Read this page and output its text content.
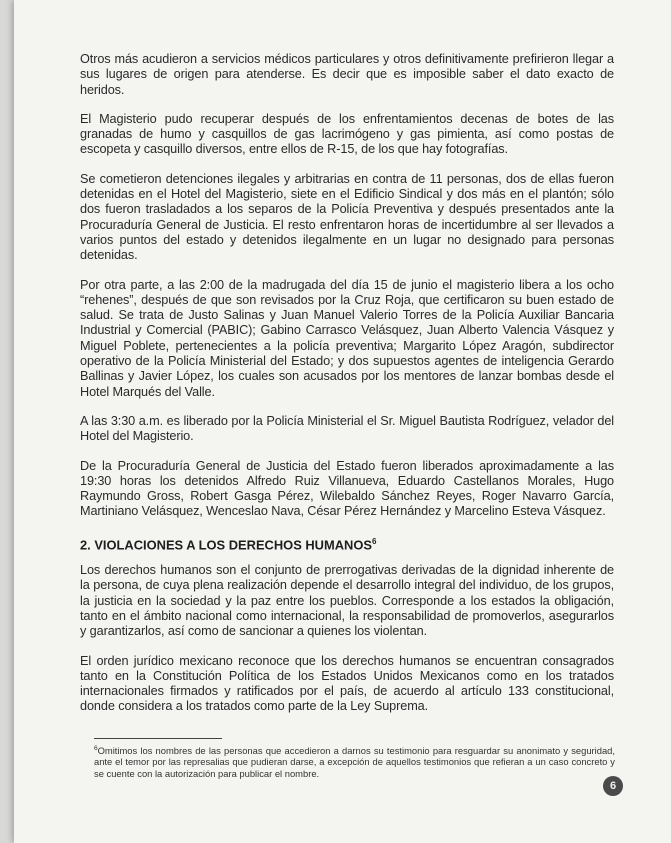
Otros más acudieron a servicios médicos particulares y otros definitivamente prefirieron llegar a sus lugares de origen para atenderse. Es decir que es imposible saber el dato exacto de heridos.

El Magisterio pudo recuperar después de los enfrentamientos decenas de botes de las granadas de humo y casquillos de gas lacrimógeno y gas pimienta, así como postas de escopeta y casquillo diversos, entre ellos de R-15, de los que hay fotografías.

Se cometieron detenciones ilegales y arbitrarias en contra de 11 personas, dos de ellas fueron detenidas en el Hotel del Magisterio, siete en el Edificio Sindical y dos más en el plantón; sólo dos fueron trasladados a los separos de la Policía Preventiva y después presentados ante la Procuraduría General de Justicia. El resto enfrentaron horas de incertidumbre al ser llevados a varios puntos del estado y detenidos ilegalmente en un lugar no designado para personas detenidas.

Por otra parte, a las 2:00 de la madrugada del día 15 de junio el magisterio libera a los ocho “rehenes”, después de que son revisados por la Cruz Roja, que certificaron su buen estado de salud. Se trata de Justo Salinas y Juan Manuel Valerio Torres de la Policía Auxiliar Bancaria Industrial y Comercial (PABIC); Gabino Carrasco Velásquez, Juan Alberto Valencia Vásquez y Miguel Poblete, pertenecientes a la policía preventiva; Margarito López Aragón, subdirector operativo de la Policía Ministerial del Estado; y dos supuestos agentes de inteligencia Gerardo Ballinas y Javier López, los cuales son acusados por los mentores de lanzar bombas desde el Hotel Marqués del Valle.

A las 3:30 a.m. es liberado por la Policía Ministerial el Sr. Miguel Bautista Rodríguez, velador del Hotel del Magisterio.

De la Procuraduría General de Justicia del Estado fueron liberados aproximadamente a las 19:30 horas los detenidos Alfredo Ruiz Villanueva, Eduardo Castellanos Morales, Hugo Raymundo Gross, Robert Gasga Pérez, Wilebaldo Sánchez Reyes, Roger Navarro García, Martiniano Velásquez, Wenceslao Nava, César Pérez Hernández y Marcelino Esteva Vásquez.

2. VIOLACIONES A LOS DERECHOS HUMANOS$^6$

Los derechos humanos son el conjunto de prerrogativas derivadas de la dignidad inherente de la persona, de cuya plena realización depende el desarrollo integral del individuo, de los grupos, la justicia en la sociedad y la paz entre los pueblos. Corresponde a los estados la obligación, tanto en el ámbito nacional como internacional, la responsabilidad de promoverlos, asegurarlos y garantizarlos, así como de sancionar a quienes los violentan.

El orden jurídico mexicano reconoce que los derechos humanos se encuentran consagrados tanto en la Constitución Política de los Estados Unidos Mexicanos como en los tratados internacionales firmados y ratificados por el país, de acuerdo al artículo 133 constitucional, donde considera a los tratados como parte de la Ley Suprema.

$^6$Omitimos los nombres de las personas que accedieron a darnos su testimonio para resguardar su anonimato y seguridad, ante el temor por las represalias que pudieran darse, a excepción de aquellos testimonios que refieran a un caso concreto y se cuente con la autorización para publicar el nombre.

6
